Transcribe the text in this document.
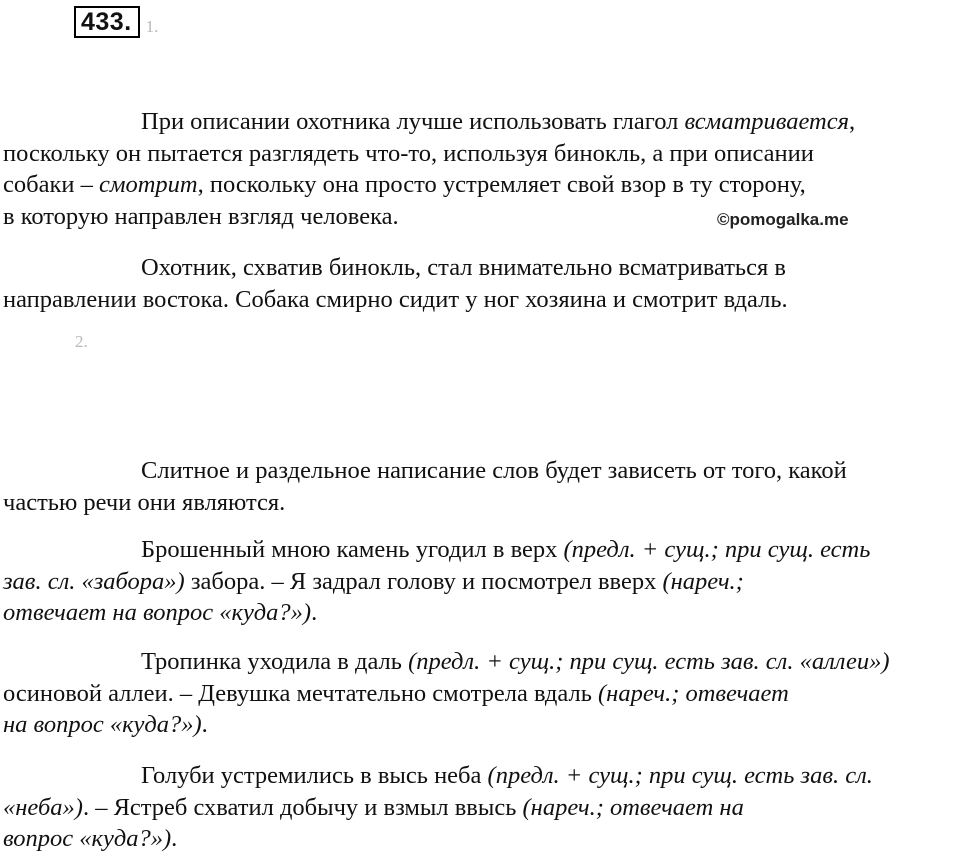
433. 1.
При описании охотника лучше использовать глагол всматривается,
поскольку он пытается разглядеть что-то, используя бинокль, а при описании
собаки – смотрит, поскольку она просто устремляет свой взор в ту сторону,
в которую направлен взгляд человека.	©pomogalka.me
Охотник, схватив бинокль, стал внимательно всматриваться в
направлении востока. Собака смирно сидит у ног хозяина и смотрит вдаль.
2.
Слитное и раздельное написание слов будет зависеть от того, какой
частью речи они являются.
Брошенный мною камень угодил в верх (предл. + сущ.; при сущ. есть
зав. сл. «забора») забора. – Я задрал голову и посмотрел вверх (нареч.;
отвечает на вопрос «куда?»).
Тропинка уходила в даль (предл. + сущ.; при сущ. есть зав. сл. «аллеи»)
осиновой аллеи. – Девушка мечтательно смотрела вдаль (нареч.; отвечает
на вопрос «куда?»).
Голуби устремились в высь неба (предл. + сущ.; при сущ. есть зав. сл.
«неба»). – Ястреб схватил добычу и взмыл ввысь (нареч.; отвечает на
вопрос «куда?»).
